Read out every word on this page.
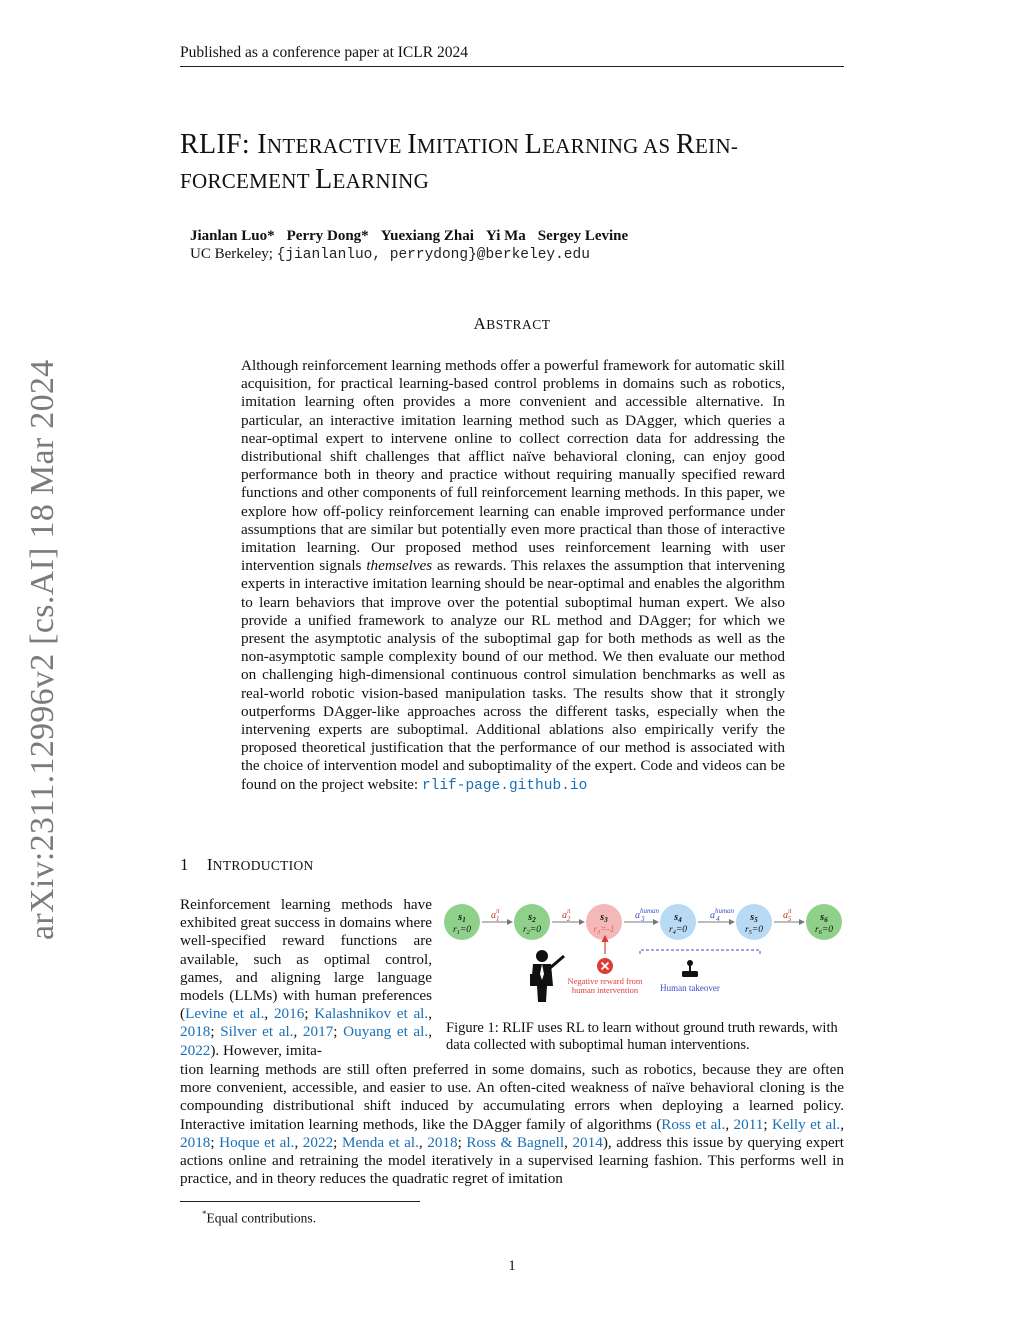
Published as a conference paper at ICLR 2024
arXiv:2311.12996v2 [cs.AI] 18 Mar 2024
RLIF: INTERACTIVE IMITATION LEARNING AS REIN-
FORCEMENT LEARNING
Jianlan Luo* Perry Dong* Yuexiang Zhai Yi Ma Sergey Levine
UC Berkeley; {jianlanluo, perrydong}@berkeley.edu
ABSTRACT
Although reinforcement learning methods offer a powerful framework for automatic skill acquisition, for practical learning-based control problems in domains such as robotics, imitation learning often provides a more convenient and accessible alternative. In particular, an interactive imitation learning method such as DAgger, which queries a near-optimal expert to intervene online to collect correction data for addressing the distributional shift challenges that afflict naïve behavioral cloning, can enjoy good performance both in theory and practice without requiring manually specified reward functions and other components of full reinforcement learning methods. In this paper, we explore how off-policy reinforcement learning can enable improved performance under assumptions that are similar but potentially even more practical than those of interactive imitation learning. Our proposed method uses reinforcement learning with user intervention signals themselves as rewards. This relaxes the assumption that intervening experts in interactive imitation learning should be near-optimal and enables the algorithm to learn behaviors that improve over the potential suboptimal human expert. We also provide a unified framework to analyze our RL method and DAgger; for which we present the asymptotic analysis of the suboptimal gap for both methods as well as the non-asymptotic sample complexity bound of our method. We then evaluate our method on challenging high-dimensional continuous control simulation benchmarks as well as real-world robotic vision-based manipulation tasks. The results show that it strongly outperforms DAgger-like approaches across the different tasks, especially when the intervening experts are suboptimal. Additional ablations also empirically verify the proposed theoretical justification that the performance of our method is associated with the choice of intervention model and suboptimality of the expert. Code and videos can be found on the project website: rlif-page.github.io
1 INTRODUCTION
Reinforcement learning methods have exhibited great success in domains where well-specified reward functions are available, such as optimal control, games, and aligning large language models (LLMs) with human preferences (Levine et al., 2016; Kalashnikov et al., 2018; Silver et al., 2017; Ouyang et al., 2022). However, imita-
tion learning methods are still often preferred in some domains, such as robotics, because they are often more convenient, accessible, and easier to use. An often-cited weakness of naïve behavioral cloning is the compounding distributional shift induced by accumulating errors when deploying a learned policy. Interactive imitation learning methods, like the DAgger family of algorithms (Ross et al., 2011; Kelly et al., 2018; Hoque et al., 2022; Menda et al., 2018; Ross & Bagnell, 2014), address this issue by querying expert actions online and retraining the model iteratively in a supervised learning fashion. This performs well in practice, and in theory reduces the quadratic regret of imitation
$s_1$
$r_1=0$
$s_2$
$r_2=0$
$s_3$
$r_3=-1$
$s_4$
$r_4=0$
$s_5$
$r_5=0$
$s_6$
$r_6=0$
$a^\pi$ 1	$a^\pi$ 2	$a^{human}$ 3	$a^{human}$ 4	$a^\pi$ 5
Negative reward from
human intervention Human takeover
Figure 1: RLIF uses RL to learn without ground truth rewards, with data collected with suboptimal human interventions.
*Equal contributions.
1
